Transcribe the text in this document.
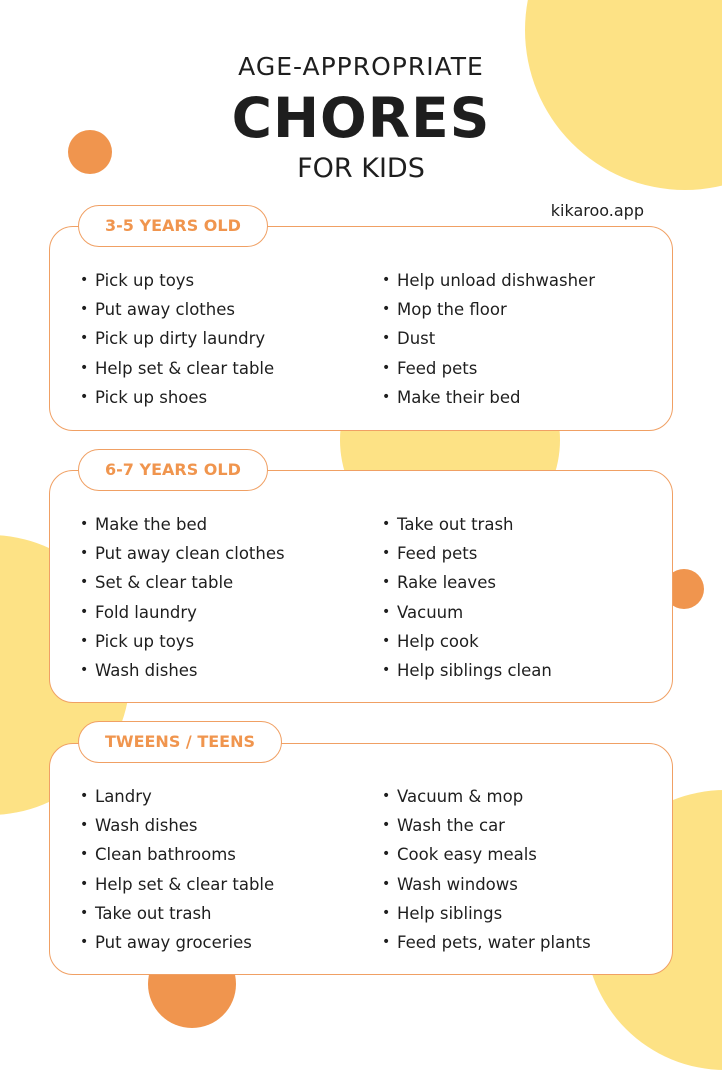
AGE-APPROPRIATE
CHORES
FOR KIDS
kikaroo.app
• Pick up toys
• Put away clothes
• Pick up dirty laundry
• Help set & clear table
• Pick up shoes
• Help unload dishwasher
• Mop the floor
• Dust
• Feed pets
• Make their bed
3-5 YEARS OLD
• Make the bed
• Put away clean clothes
• Set & clear table
• Fold laundry
• Pick up toys
• Wash dishes
• Take out trash
• Feed pets
• Rake leaves
• Vacuum
• Help cook
• Help siblings clean
6-7 YEARS OLD
• Landry
• Wash dishes
• Clean bathrooms
• Help set & clear table
• Take out trash
• Put away groceries
• Vacuum & mop
• Wash the car
• Cook easy meals
• Wash windows
• Help siblings
• Feed pets, water plants
TWEENS / TEENS
